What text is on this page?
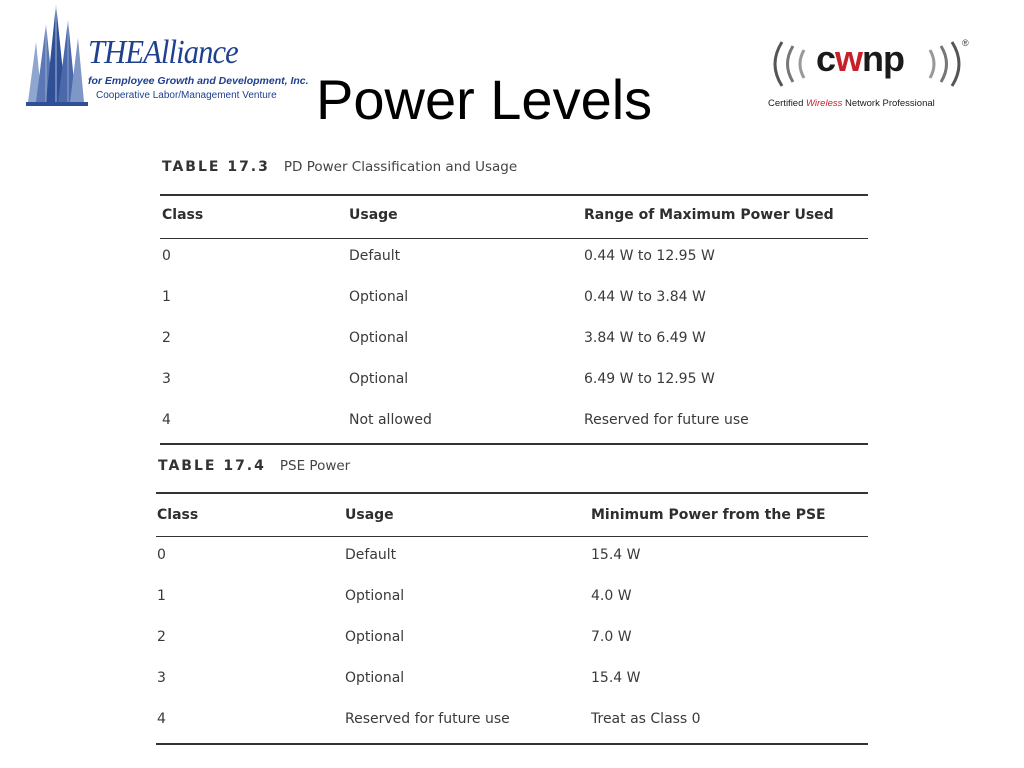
THEAlliance
for Employee Growth and Development, Inc.
Cooperative Labor/Management Venture Power Levels
cwnp	®
Certified Wireless Network Professional
TABLE 17.3 PD Power Classification and Usage
Class	Usage	Range of Maximum Power Used
0	Default	0.44 W to 12.95 W
1	Optional	0.44 W to 3.84 W
2	Optional	3.84 W to 6.49 W
3	Optional	6.49 W to 12.95 W
4	Not allowed	Reserved for future use
TABLE 17.4 PSE Power
Class	Usage	Minimum Power from the PSE
0	Default	15.4 W
1	Optional	4.0 W
2	Optional	7.0 W
3	Optional	15.4 W
4	Reserved for future use	Treat as Class 0
